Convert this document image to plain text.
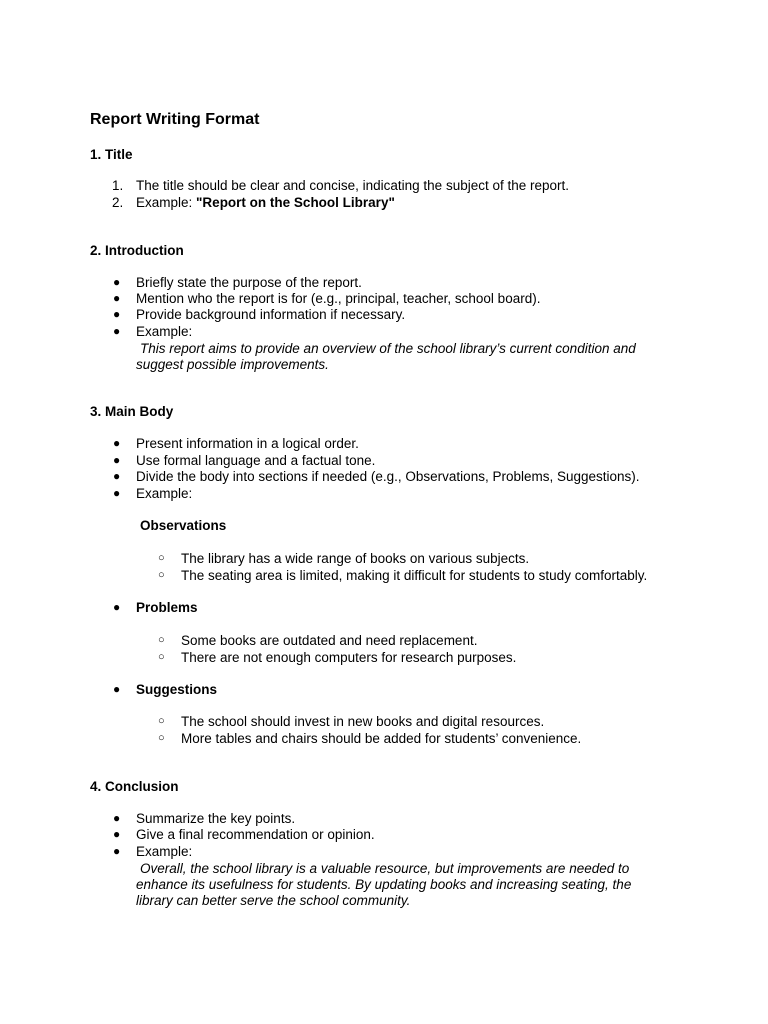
Report Writing Format
1. Title
1. The title should be clear and concise, indicating the subject of the report.
2. Example: "Report on the School Library"
2. Introduction
● Briefly state the purpose of the report.
● Mention who the report is for (e.g., principal, teacher, school board).
● Provide background information if necessary.
● Example:
This report aims to provide an overview of the school library’s current condition and
suggest possible improvements.
3. Main Body
● Present information in a logical order.
● Use formal language and a factual tone.
● Divide the body into sections if needed (e.g., Observations, Problems, Suggestions).
● Example:
Observations
○ The library has a wide range of books on various subjects.
○ The seating area is limited, making it difficult for students to study comfortably.
● Problems
○ Some books are outdated and need replacement.
○ There are not enough computers for research purposes.
● Suggestions
○ The school should invest in new books and digital resources.
○ More tables and chairs should be added for students’ convenience.
4. Conclusion
● Summarize the key points.
● Give a final recommendation or opinion.
● Example:
Overall, the school library is a valuable resource, but improvements are needed to
enhance its usefulness for students. By updating books and increasing seating, the
library can better serve the school community.
